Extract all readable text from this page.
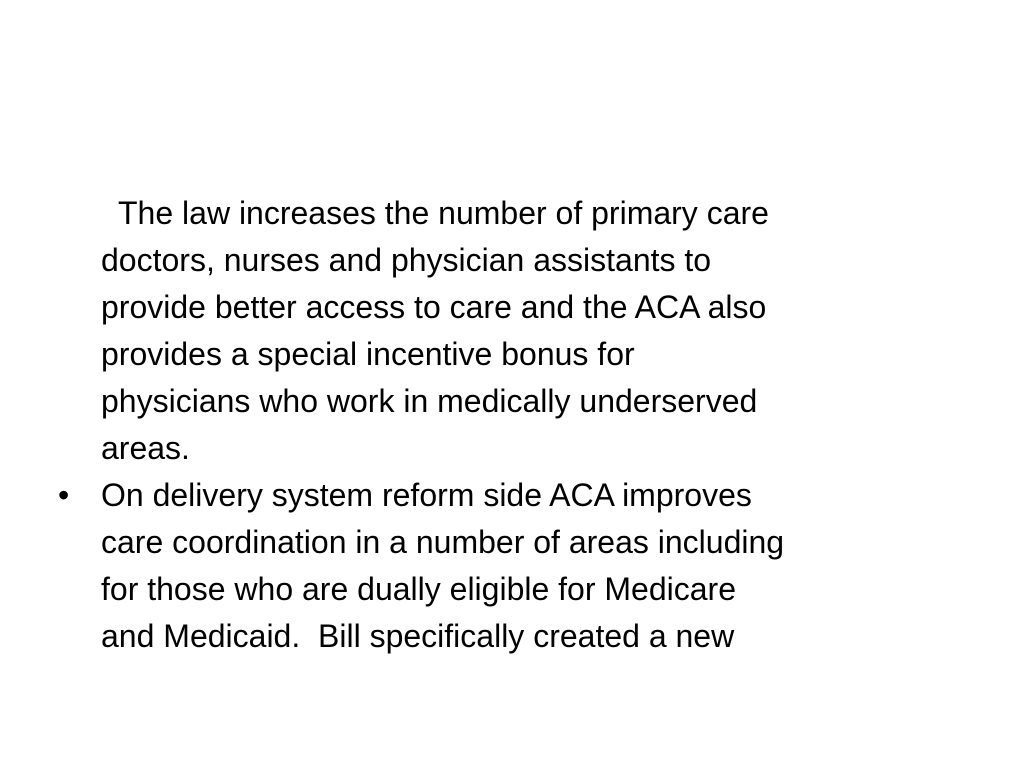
The law increases the number of primary care
doctors, nurses and physician assistants to
provide better access to care and the ACA also
provides a special incentive bonus for
physicians who work in medically underserved
areas.

• On delivery system reform side ACA improves
care coordination in a number of areas including
for those who are dually eligible for Medicare
and Medicaid.  Bill specifically created a new
